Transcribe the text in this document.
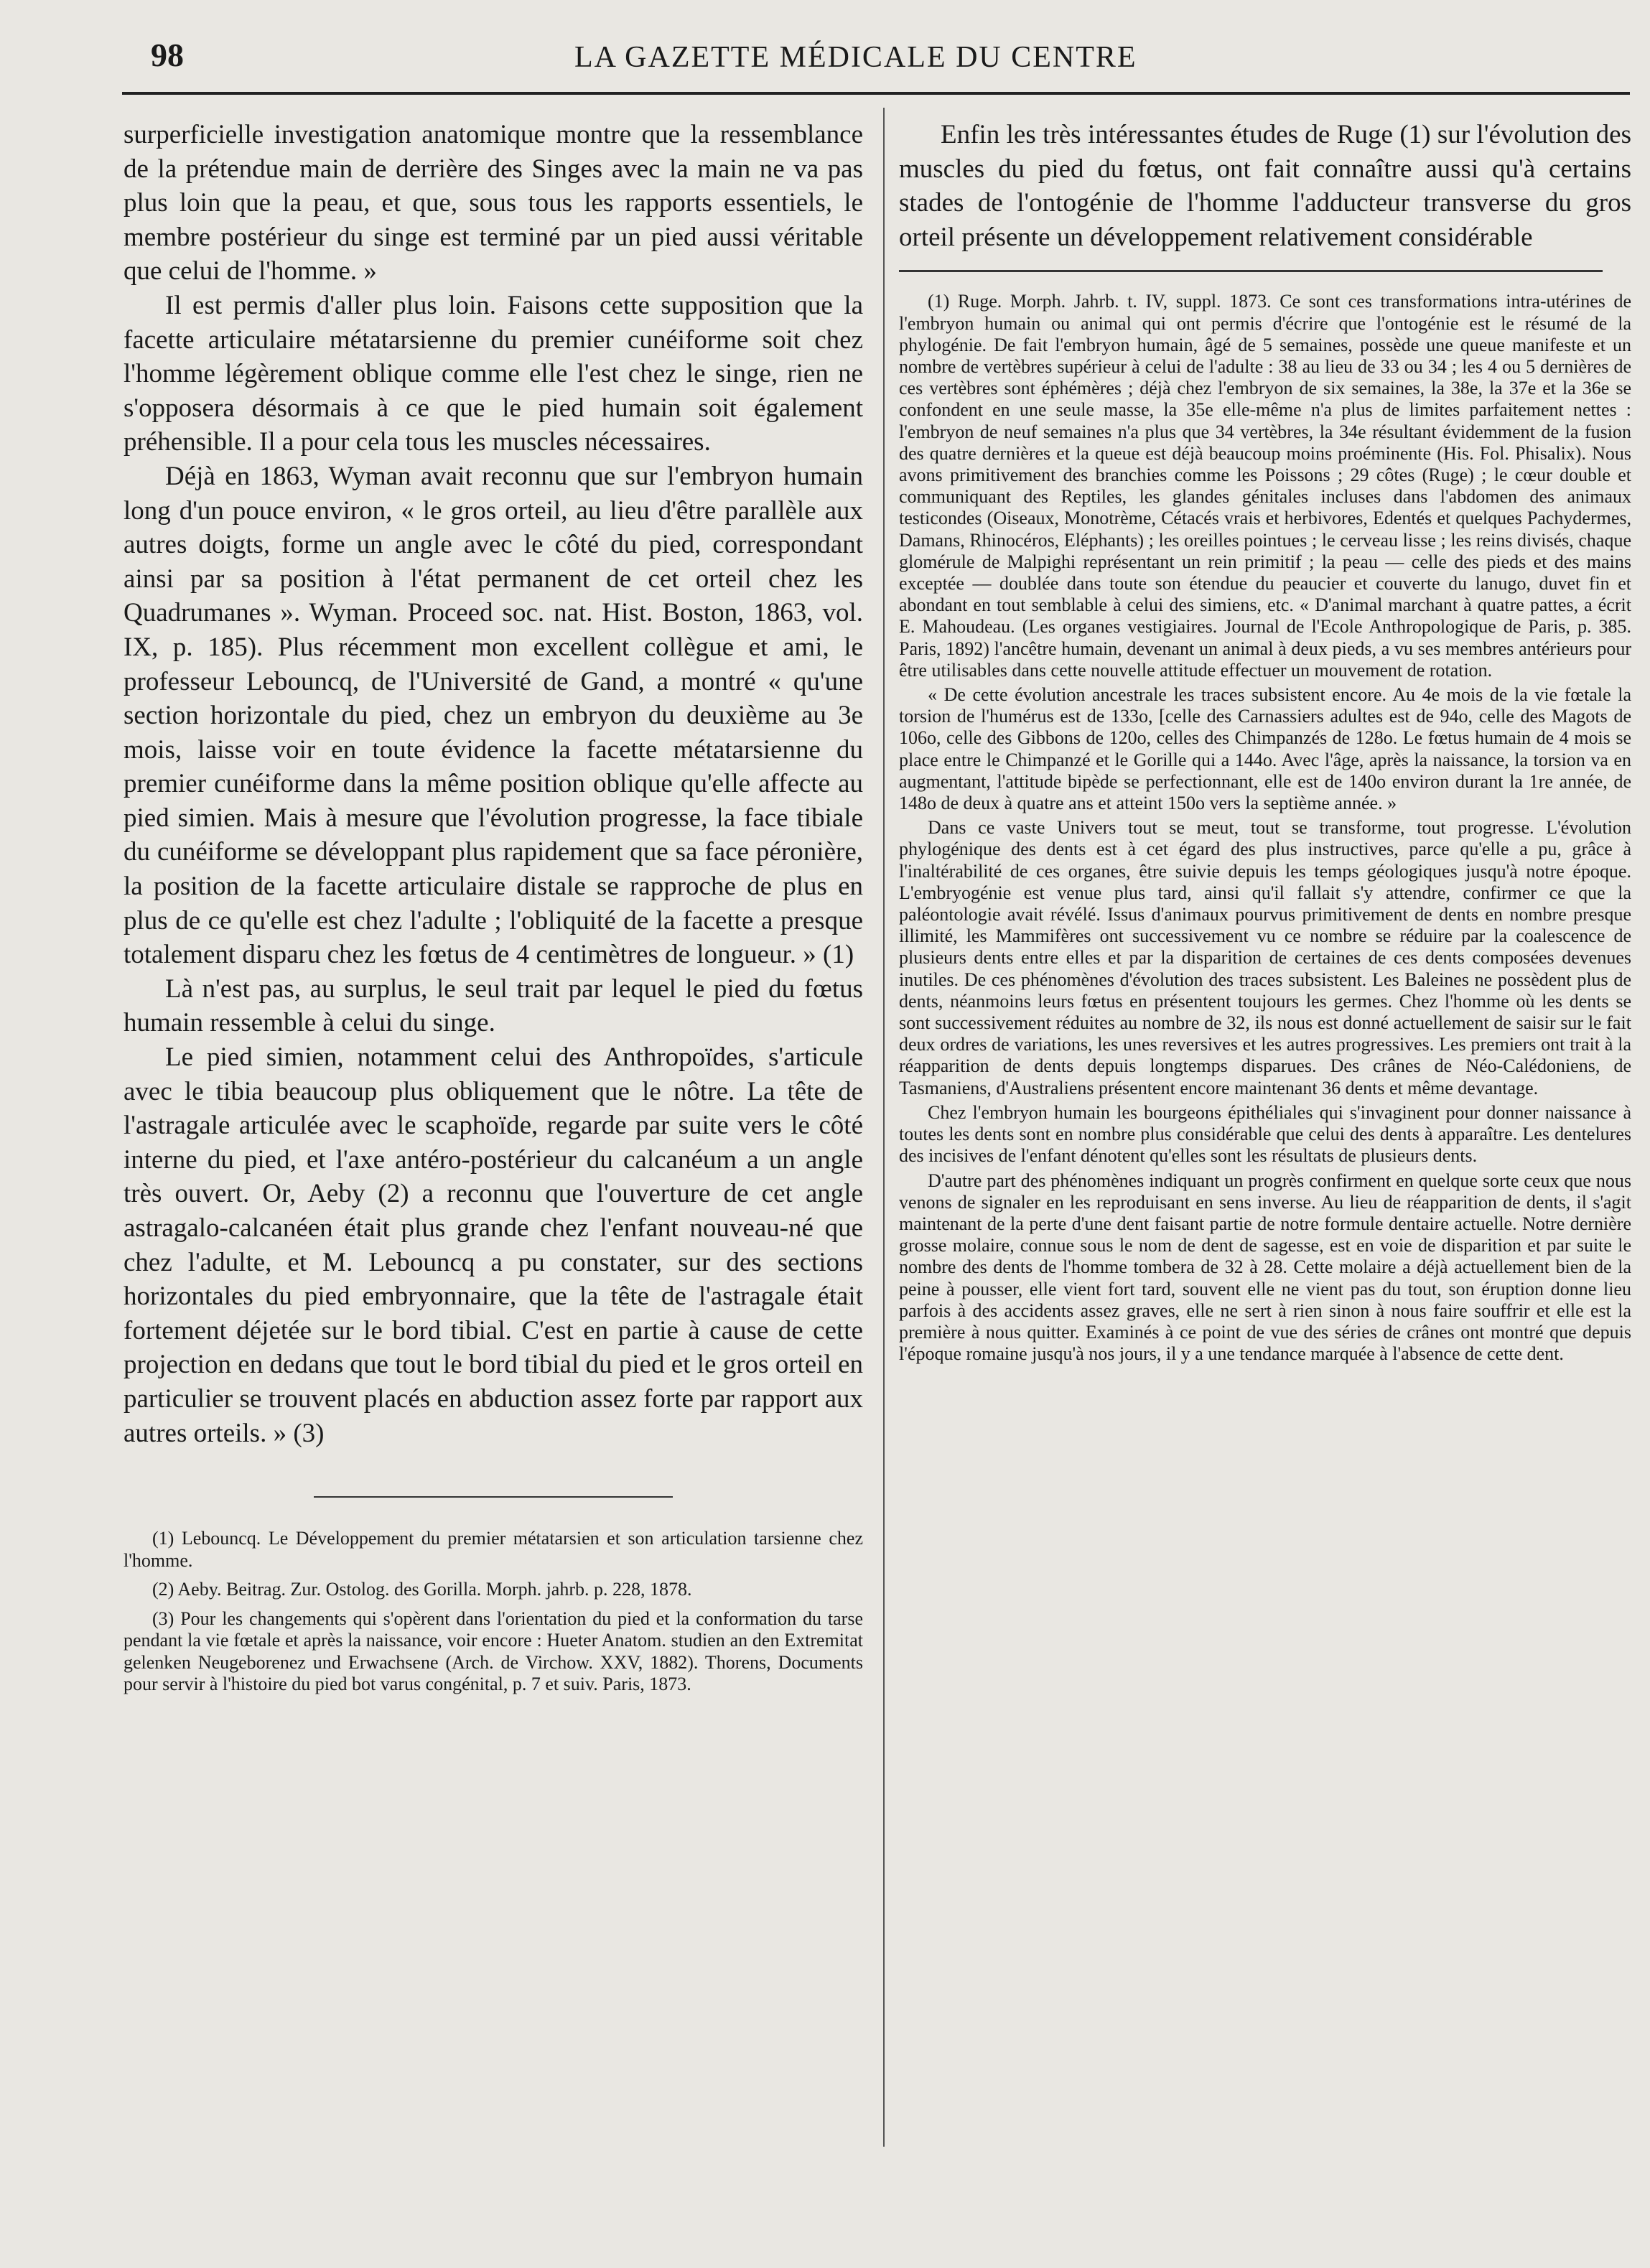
98	LA GAZETTE MÉDICALE DU CENTRE

surperficielle investigation anatomique montre que la ressemblance de la prétendue main de derrière des Singes avec la main ne va pas plus loin que la peau, et que, sous tous les rapports essentiels, le membre postérieur du singe est terminé par un pied aussi véritable que celui de l'homme. »

Il est permis d'aller plus loin. Faisons cette supposition que la facette articulaire métatarsienne du premier cunéiforme soit chez l'homme légèrement oblique comme elle l'est chez le singe, rien ne s'opposera désormais à ce que le pied humain soit également préhensible. Il a pour cela tous les muscles nécessaires.

Déjà en 1863, Wyman avait reconnu que sur l'embryon humain long d'un pouce environ, « le gros orteil, au lieu d'être parallèle aux autres doigts, forme un angle avec le côté du pied, correspondant ainsi par sa position à l'état permanent de cet orteil chez les Quadrumanes ». Wyman. Proceed soc. nat. Hist. Boston, 1863, vol. IX, p. 185). Plus récemment mon excellent collègue et ami, le professeur Lebouncq, de l'Université de Gand, a montré « qu'une section horizontale du pied, chez un embryon du deuxième au 3e mois, laisse voir en toute évidence la facette métatarsienne du premier cunéiforme dans la même position oblique qu'elle affecte au pied simien. Mais à mesure que l'évolution progresse, la face tibiale du cunéiforme se développant plus rapidement que sa face péronière, la position de la facette articulaire distale se rapproche de plus en plus de ce qu'elle est chez l'adulte ; l'obliquité de la facette a presque totalement disparu chez les fœtus de 4 centimètres de longueur. » (1)

Là n'est pas, au surplus, le seul trait par lequel le pied du fœtus humain ressemble à celui du singe.

Le pied simien, notamment celui des Anthropoïdes, s'articule avec le tibia beaucoup plus obliquement que le nôtre. La tête de l'astragale articulée avec le scaphoïde, regarde par suite vers le côté interne du pied, et l'axe antéro-postérieur du calcanéum a un angle très ouvert. Or, Aeby (2) a reconnu que l'ouverture de cet angle astragalo-calcanéen était plus grande chez l'enfant nouveau-né que chez l'adulte, et M. Lebouncq a pu constater, sur des sections horizontales du pied embryonnaire, que la tête de l'astragale était fortement déjetée sur le bord tibial. C'est en partie à cause de cette projection en dedans que tout le bord tibial du pied et le gros orteil en particulier se trouvent placés en abduction assez forte par rapport aux autres orteils. » (3)

(1) Lebouncq. Le Développement du premier métatarsien et son articulation tarsienne chez l'homme.

(2) Aeby. Beitrag. Zur. Ostolog. des Gorilla. Morph. jahrb. p. 228, 1878.

(3) Pour les changements qui s'opèrent dans l'orientation du pied et la conformation du tarse pendant la vie fœtale et après la naissance, voir encore : Hueter Anatom. studien an den Extremitat gelenken Neugeborenez und Erwachsene (Arch. de Virchow. XXV, 1882). Thorens, Documents pour servir à l'histoire du pied bot varus congénital, p. 7 et suiv. Paris, 1873.

Enfin les très intéressantes études de Ruge (1) sur l'évolution des muscles du pied du fœtus, ont fait connaître aussi qu'à certains stades de l'ontogénie de l'homme l'adducteur transverse du gros orteil présente un développement relativement considérable

(1) Ruge. Morph. Jahrb. t. IV, suppl. 1873. Ce sont ces transformations intra-utérines de l'embryon humain ou animal qui ont permis d'écrire que l'ontogénie est le résumé de la phylogénie. De fait l'embryon humain, âgé de 5 semaines, possède une queue manifeste et un nombre de vertèbres supérieur à celui de l'adulte : 38 au lieu de 33 ou 34 ; les 4 ou 5 dernières de ces vertèbres sont éphémères ; déjà chez l'embryon de six semaines, la 38e, la 37e et la 36e se confondent en une seule masse, la 35e elle-même n'a plus de limites parfaitement nettes : l'embryon de neuf semaines n'a plus que 34 vertèbres, la 34e résultant évidemment de la fusion des quatre dernières et la queue est déjà beaucoup moins proéminente (His. Fol. Phisalix). Nous avons primitivement des branchies comme les Poissons ; 29 côtes (Ruge) ; le cœur double et communiquant des Reptiles, les glandes génitales incluses dans l'abdomen des animaux testicondes (Oiseaux, Monotrème, Cétacés vrais et herbivores, Edentés et quelques Pachydermes, Damans, Rhinocéros, Eléphants) ; les oreilles pointues ; le cerveau lisse ; les reins divisés, chaque glomérule de Malpighi représentant un rein primitif ; la peau — celle des pieds et des mains exceptée — doublée dans toute son étendue du peaucier et couverte du lanugo, duvet fin et abondant en tout semblable à celui des simiens, etc. « D'animal marchant à quatre pattes, a écrit E. Mahoudeau. (Les organes vestigiaires. Journal de l'Ecole Anthropologique de Paris, p. 385. Paris, 1892) l'ancêtre humain, devenant un animal à deux pieds, a vu ses membres antérieurs pour être utilisables dans cette nouvelle attitude effectuer un mouvement de rotation.

« De cette évolution ancestrale les traces subsistent encore. Au 4e mois de la vie fœtale la torsion de l'humérus est de 133o, [celle des Carnassiers adultes est de 94o, celle des Magots de 106o, celle des Gibbons de 120o, celles des Chimpanzés de 128o. Le fœtus humain de 4 mois se place entre le Chimpanzé et le Gorille qui a 144o. Avec l'âge, après la naissance, la torsion va en augmentant, l'attitude bipède se perfectionnant, elle est de 140o environ durant la 1re année, de 148o de deux à quatre ans et atteint 150o vers la septième année. »

Dans ce vaste Univers tout se meut, tout se transforme, tout progresse. L'évolution phylogénique des dents est à cet égard des plus instructives, parce qu'elle a pu, grâce à l'inaltérabilité de ces organes, être suivie depuis les temps géologiques jusqu'à notre époque. L'embryogénie est venue plus tard, ainsi qu'il fallait s'y attendre, confirmer ce que la paléontologie avait révélé. Issus d'animaux pourvus primitivement de dents en nombre presque illimité, les Mammifères ont successivement vu ce nombre se réduire par la coalescence de plusieurs dents entre elles et par la disparition de certaines de ces dents composées devenues inutiles. De ces phénomènes d'évolution des traces subsistent. Les Baleines ne possèdent plus de dents, néanmoins leurs fœtus en présentent toujours les germes. Chez l'homme où les dents se sont successivement réduites au nombre de 32, ils nous est donné actuellement de saisir sur le fait deux ordres de variations, les unes reversives et les autres progressives. Les premiers ont trait à la réapparition de dents depuis longtemps disparues. Des crânes de Néo-Calédoniens, de Tasmaniens, d'Australiens présentent encore maintenant 36 dents et même devantage.

Chez l'embryon humain les bourgeons épithéliales qui s'invaginent pour donner naissance à toutes les dents sont en nombre plus considérable que celui des dents à apparaître. Les dentelures des incisives de l'enfant dénotent qu'elles sont les résultats de plusieurs dents.

D'autre part des phénomènes indiquant un progrès confirment en quelque sorte ceux que nous venons de signaler en les reproduisant en sens inverse. Au lieu de réapparition de dents, il s'agit maintenant de la perte d'une dent faisant partie de notre formule dentaire actuelle. Notre dernière grosse molaire, connue sous le nom de dent de sagesse, est en voie de disparition et par suite le nombre des dents de l'homme tombera de 32 à 28. Cette molaire a déjà actuellement bien de la peine à pousser, elle vient fort tard, souvent elle ne vient pas du tout, son éruption donne lieu parfois à des accidents assez graves, elle ne sert à rien sinon à nous faire souffrir et elle est la première à nous quitter. Examinés à ce point de vue des séries de crânes ont montré que depuis l'époque romaine jusqu'à nos jours, il y a une tendance marquée à l'absence de cette dent.
